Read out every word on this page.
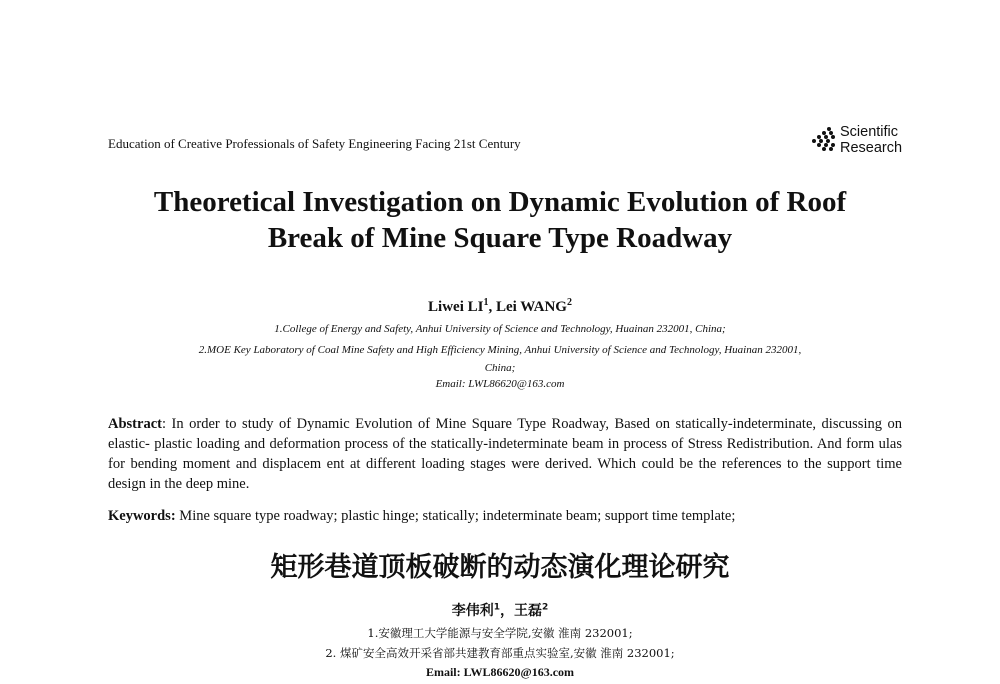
Education of Creative Professionals of Safety Engineering Facing 21st Century
Scientific
Research
Theoretical Investigation on Dynamic Evolution of Roof
Break of Mine Square Type Roadway
Liwei $LI^1$, Lei WANG$^2$
1.College of Energy and Safety, Anhui University of Science and Technology, Huainan 232001, China;
2.MOE Key Laboratory of Coal Mine Safety and High Efficiency Mining, Anhui University of Science and Technology, Huainan 232001,
China;
Email: LWL86620@163.com
Abstract: In order to study of Dynamic Evolution of Mine Square Type Roadway, Based on statically-indeterminate, discussing on elastic- plastic loading and deformation process of the statically-indeterminate beam in process of Stress Redistribution. And form ulas for bending moment and displacem ent at different loading stages were derived. Which could be the references to the support time design in the deep mine.
Keywords: Mine square type roadway; plastic hinge; statically; indeterminate beam; support time template;
矩形巷道顶板破断的动态演化理论研究
李伟利$^1$，王磊$^2$
1.安徽理工大学能源与安全学院,安徽 淮南 232001;
2. 煤矿安全高效开采省部共建教育部重点实验室,安徽 淮南 232001;
Email: LWL86620@163.com
